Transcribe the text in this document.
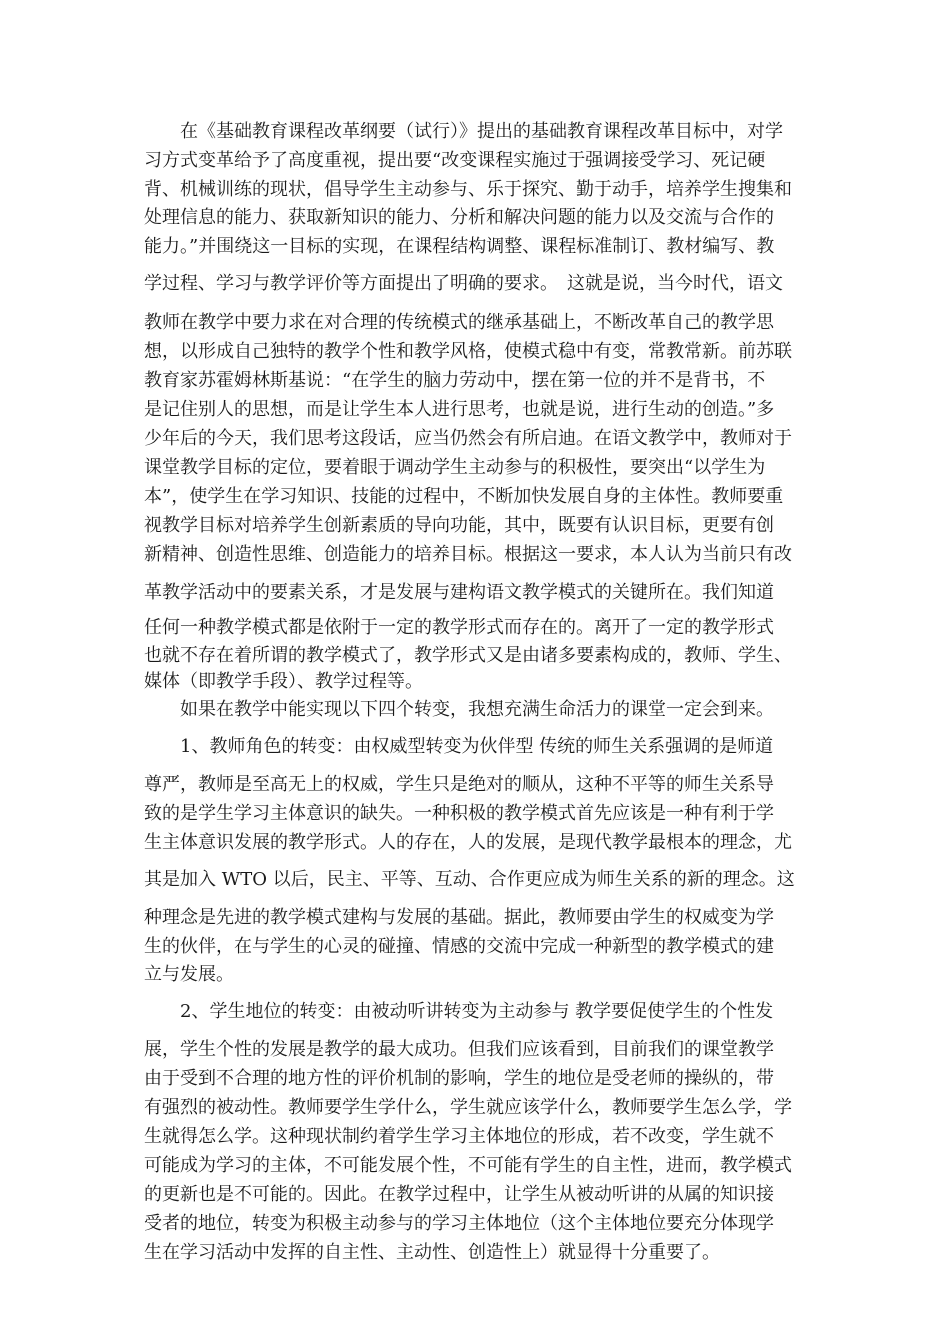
　　在《基础教育课程改革纲要（试行）》提出的基础教育课程改革目标中，对学

习方式变革给予了高度重视，提出要“改变课程实施过于强调接受学习、死记硬

背、机械训练的现状，倡导学生主动参与、乐于探究、勤于动手，培养学生搜集和

处理信息的能力、获取新知识的能力、分析和解决问题的能力以及交流与合作的

能力。”并围绕这一目标的实现，在课程结构调整、课程标准制订、教材编写、教

学过程、学习与教学评价等方面提出了明确的要求。　这就是说，当今时代，语文

教师在教学中要力求在对合理的传统模式的继承基础上，不断改革自己的教学思

想，以形成自己独特的教学个性和教学风格，使模式稳中有变，常教常新。前苏联

教育家苏霍姆林斯基说：“在学生的脑力劳动中，摆在第一位的并不是背书，不

是记住别人的思想，而是让学生本人进行思考，也就是说，进行生动的创造。”多

少年后的今天，我们思考这段话，应当仍然会有所启迪。在语文教学中，教师对于

课堂教学目标的定位，要着眼于调动学生主动参与的积极性，要突出“以学生为

本”，使学生在学习知识、技能的过程中，不断加快发展自身的主体性。教师要重

视教学目标对培养学生创新素质的导向功能，其中，既要有认识目标，更要有创

新精神、创造性思维、创造能力的培养目标。根据这一要求，本人认为当前只有改

革教学活动中的要素关系，才是发展与建构语文教学模式的关键所在。我们知道

任何一种教学模式都是依附于一定的教学形式而存在的。离开了一定的教学形式

也就不存在着所谓的教学模式了，教学形式又是由诸多要素构成的，教师、学生、

媒体（即教学手段）、教学过程等。

　　如果在教学中能实现以下四个转变，我想充满生命活力的课堂一定会到来。

　　1、教师角色的转变：由权威型转变为伙伴型 传统的师生关系强调的是师道

尊严，教师是至高无上的权威，学生只是绝对的顺从，这种不平等的师生关系导

致的是学生学习主体意识的缺失。一种积极的教学模式首先应该是一种有利于学

生主体意识发展的教学形式。人的存在，人的发展，是现代教学最根本的理念，尤

其是加入 WTO 以后，民主、平等、互动、合作更应成为师生关系的新的理念。这

种理念是先进的教学模式建构与发展的基础。据此，教师要由学生的权威变为学

生的伙伴，在与学生的心灵的碰撞、情感的交流中完成一种新型的教学模式的建

立与发展。

　　2、学生地位的转变：由被动听讲转变为主动参与 教学要促使学生的个性发

展，学生个性的发展是教学的最大成功。但我们应该看到，目前我们的课堂教学

由于受到不合理的地方性的评价机制的影响，学生的地位是受老师的操纵的，带

有强烈的被动性。教师要学生学什么，学生就应该学什么，教师要学生怎么学，学

生就得怎么学。这种现状制约着学生学习主体地位的形成，若不改变，学生就不

可能成为学习的主体，不可能发展个性，不可能有学生的自主性，进而，教学模式

的更新也是不可能的。因此。在教学过程中，让学生从被动听讲的从属的知识接

受者的地位，转变为积极主动参与的学习主体地位（这个主体地位要充分体现学

生在学习活动中发挥的自主性、主动性、创造性上）就显得十分重要了。
